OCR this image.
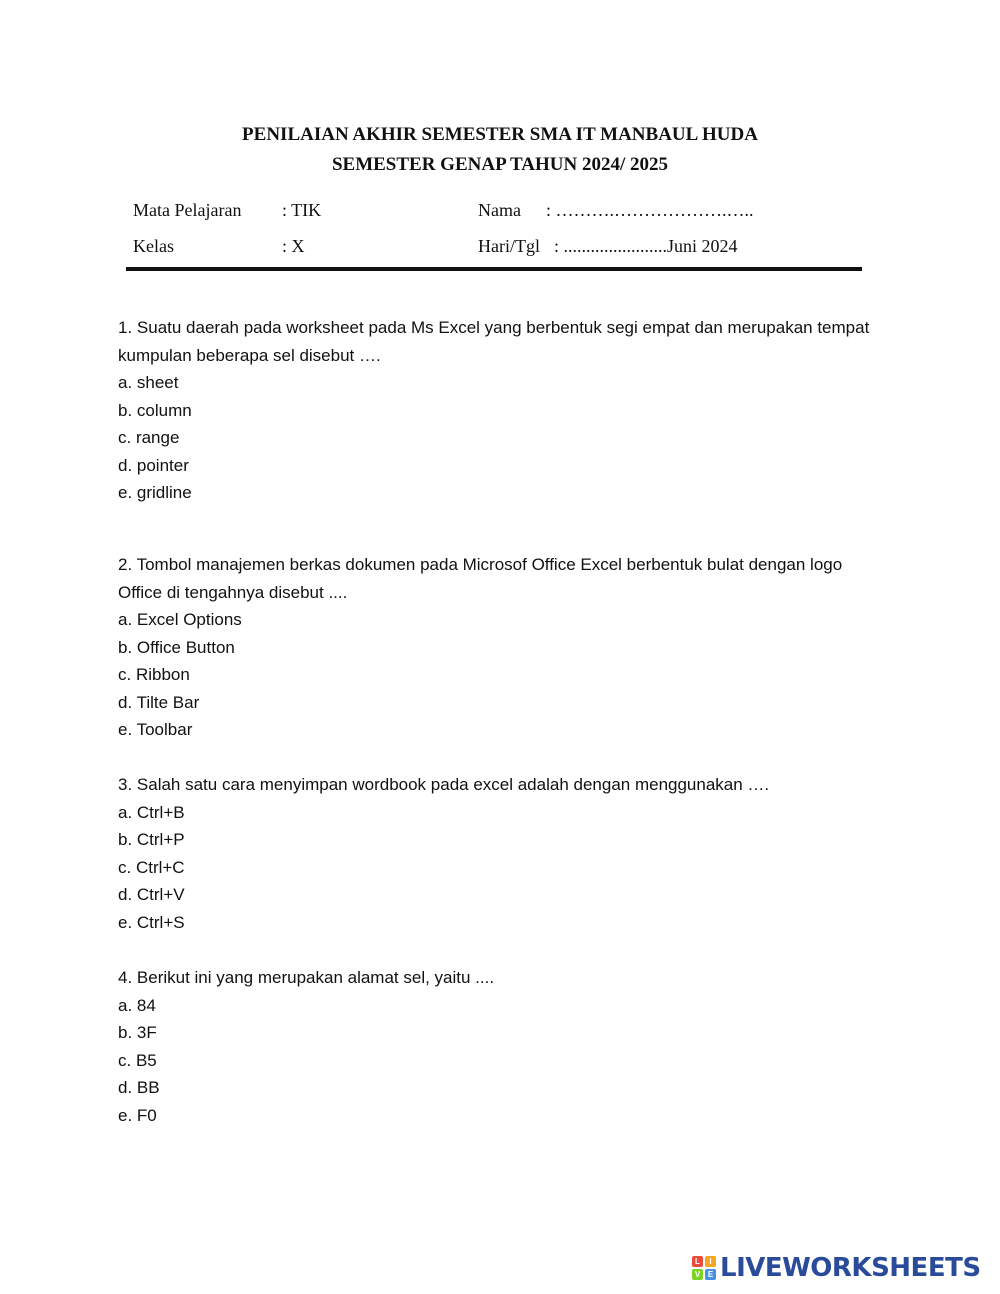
PENILAIAN AKHIR SEMESTER SMA IT MANBAUL HUDA
SEMESTER GENAP TAHUN 2024/ 2025
Mata Pelajaran : TIK	Nama : ……….……………….…..
Kelas	: X	Hari/Tgl : .......................Juni 2024

1. Suatu daerah pada worksheet pada Ms Excel yang berbentuk segi empat dan merupakan tempat kumpulan beberapa sel disebut ….

a. sheet

b. column

c. range

d. pointer

e. gridline

2. Tombol manajemen berkas dokumen pada Microsof Office Excel berbentuk bulat dengan logo Office di tengahnya disebut ....

a. Excel Options

b. Office Button

c. Ribbon

d. Tilte Bar

e. Toolbar

3. Salah satu cara menyimpan wordbook pada excel adalah dengan menggunakan ….

a. Ctrl+B

b. Ctrl+P

c. Ctrl+C

d. Ctrl+V

e. Ctrl+S

4. Berikut ini yang merupakan alamat sel, yaitu ....

a. 84

b. 3F

c. B5

d. BB

e. F0

L	I
V E LIVEWORKSHEETS
